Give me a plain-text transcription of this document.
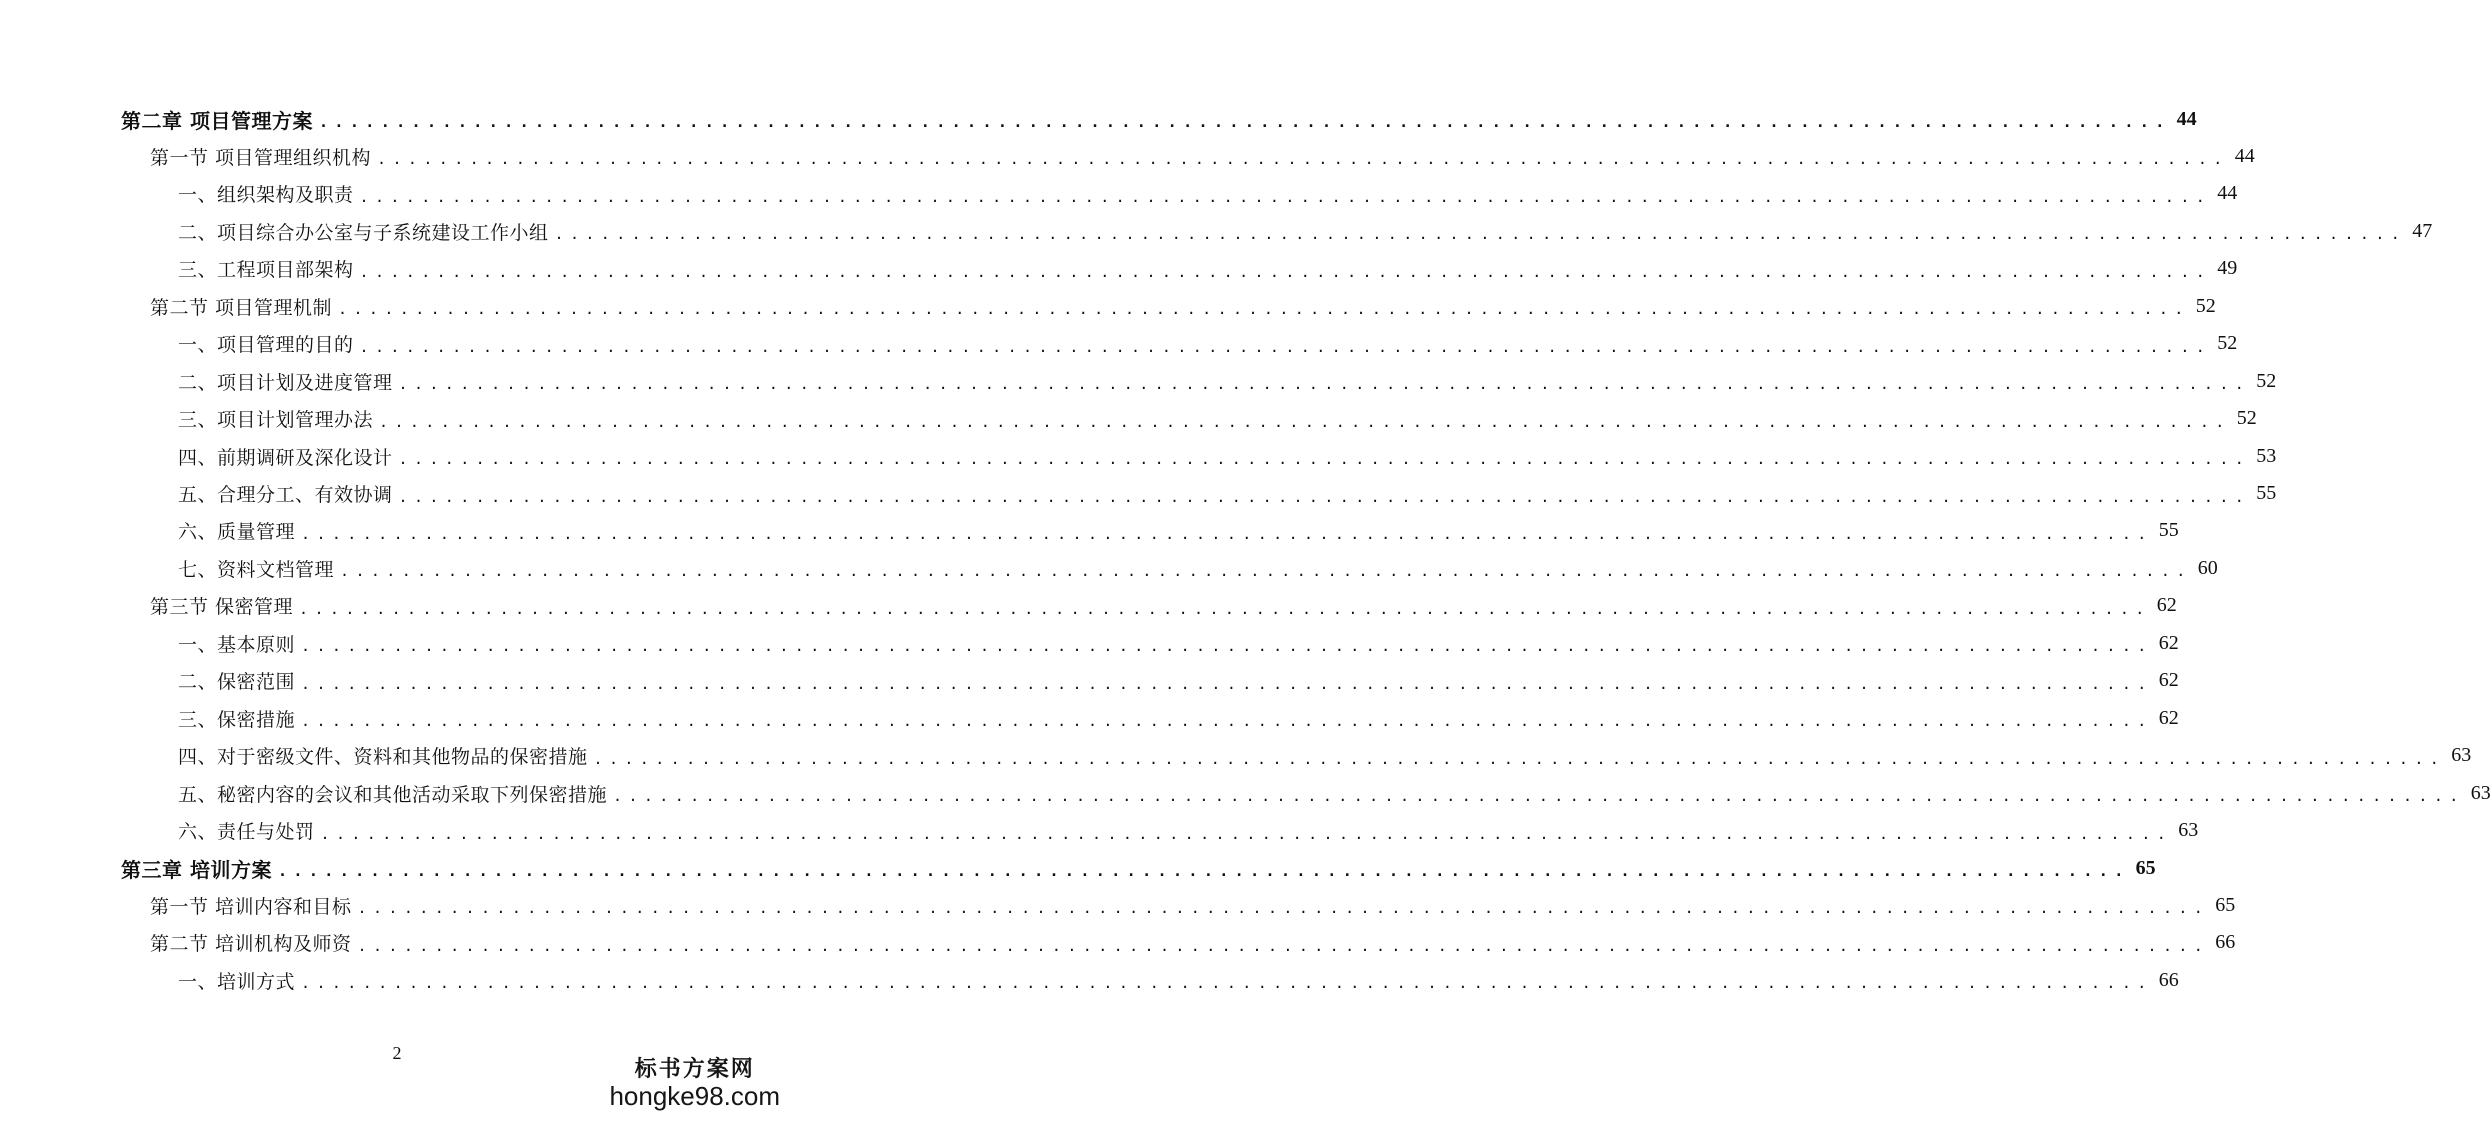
第二章 项目管理方案 ........................................................................................................................ 44
第一节 项目管理组织机构 ........................................................................................................................ 44
一、组织架构及职责 ........................................................................................................................ 44
二、项目综合办公室与子系统建设工作小组 ........................................................................................................................ 47
三、工程项目部架构 ........................................................................................................................ 49
第二节 项目管理机制 ........................................................................................................................ 52
一、项目管理的目的 ........................................................................................................................ 52
二、项目计划及进度管理 ........................................................................................................................ 52
三、项目计划管理办法 ........................................................................................................................ 52
四、前期调研及深化设计 ........................................................................................................................ 53
五、合理分工、有效协调 ........................................................................................................................ 55
六、质量管理 ........................................................................................................................ 55
七、资料文档管理 ........................................................................................................................ 60
第三节 保密管理 ........................................................................................................................ 62
一、基本原则 ........................................................................................................................ 62
二、保密范围 ........................................................................................................................ 62
三、保密措施 ........................................................................................................................ 62
四、对于密级文件、资料和其他物品的保密措施 ........................................................................................................................ 63
五、秘密内容的会议和其他活动采取下列保密措施 ........................................................................................................................ 63
六、责任与处罚 ........................................................................................................................ 63
第三章 培训方案 ........................................................................................................................ 65
第一节 培训内容和目标 ........................................................................................................................ 65
第二节 培训机构及师资 ........................................................................................................................ 66
一、培训方式 ........................................................................................................................ 66
2
标书方案网
hongke98.com
